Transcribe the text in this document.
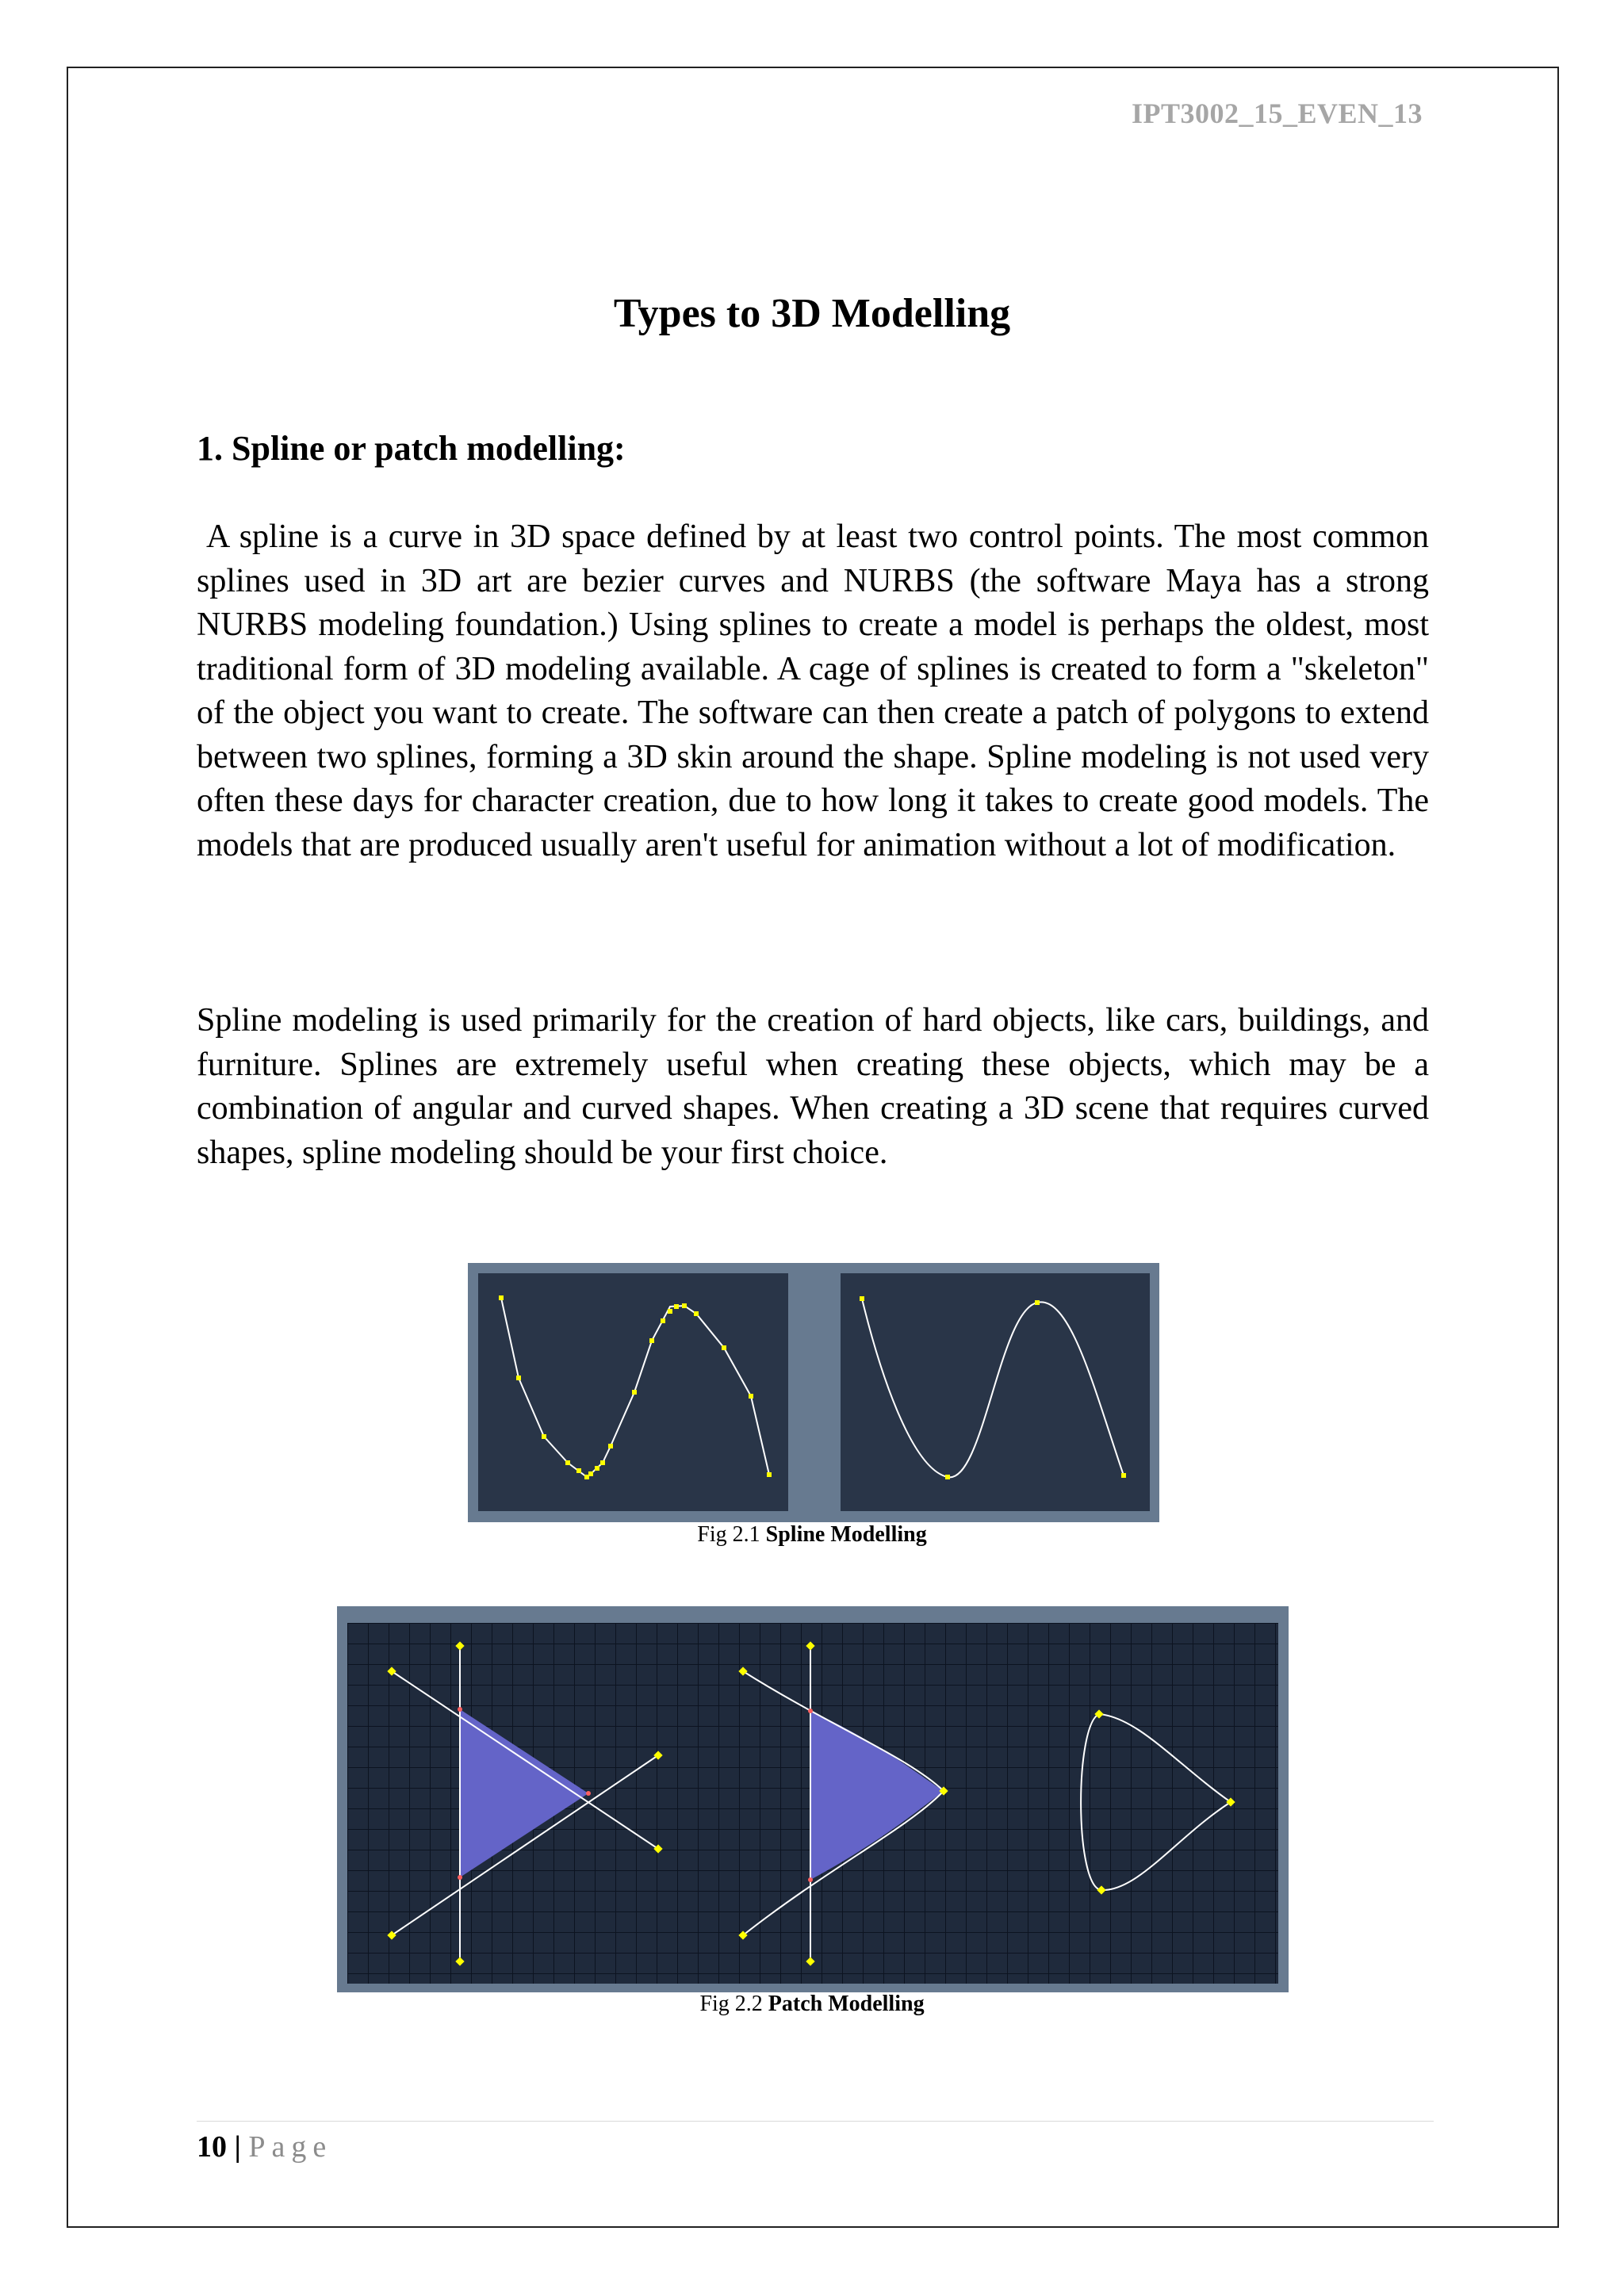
IPT3002_15_EVEN_13
Types to 3D Modelling
1. Spline or patch modelling:

A spline is a curve in 3D space defined by at least two control points. The most common splines used in 3D art are bezier curves and NURBS (the software Maya has a strong NURBS modeling foundation.) Using splines to create a model is perhaps the oldest, most traditional form of 3D modeling available. A cage of splines is created to form a "skeleton" of the object you want to create. The software can then create a patch of polygons to extend between two splines, forming a 3D skin around the shape. Spline modeling is not used very often these days for character creation, due to how long it takes to create good models. The models that are produced usually aren't useful for animation without a lot of modification.

Spline modeling is used primarily for the creation of hard objects, like cars, buildings, and furniture. Splines are extremely useful when creating these objects, which may be a combination of angular and curved shapes. When creating a 3D scene that requires curved shapes, spline modeling should be your first choice.

Fig 2.1 Spline Modelling
Fig 2.2 Patch Modelling
10 | Page
